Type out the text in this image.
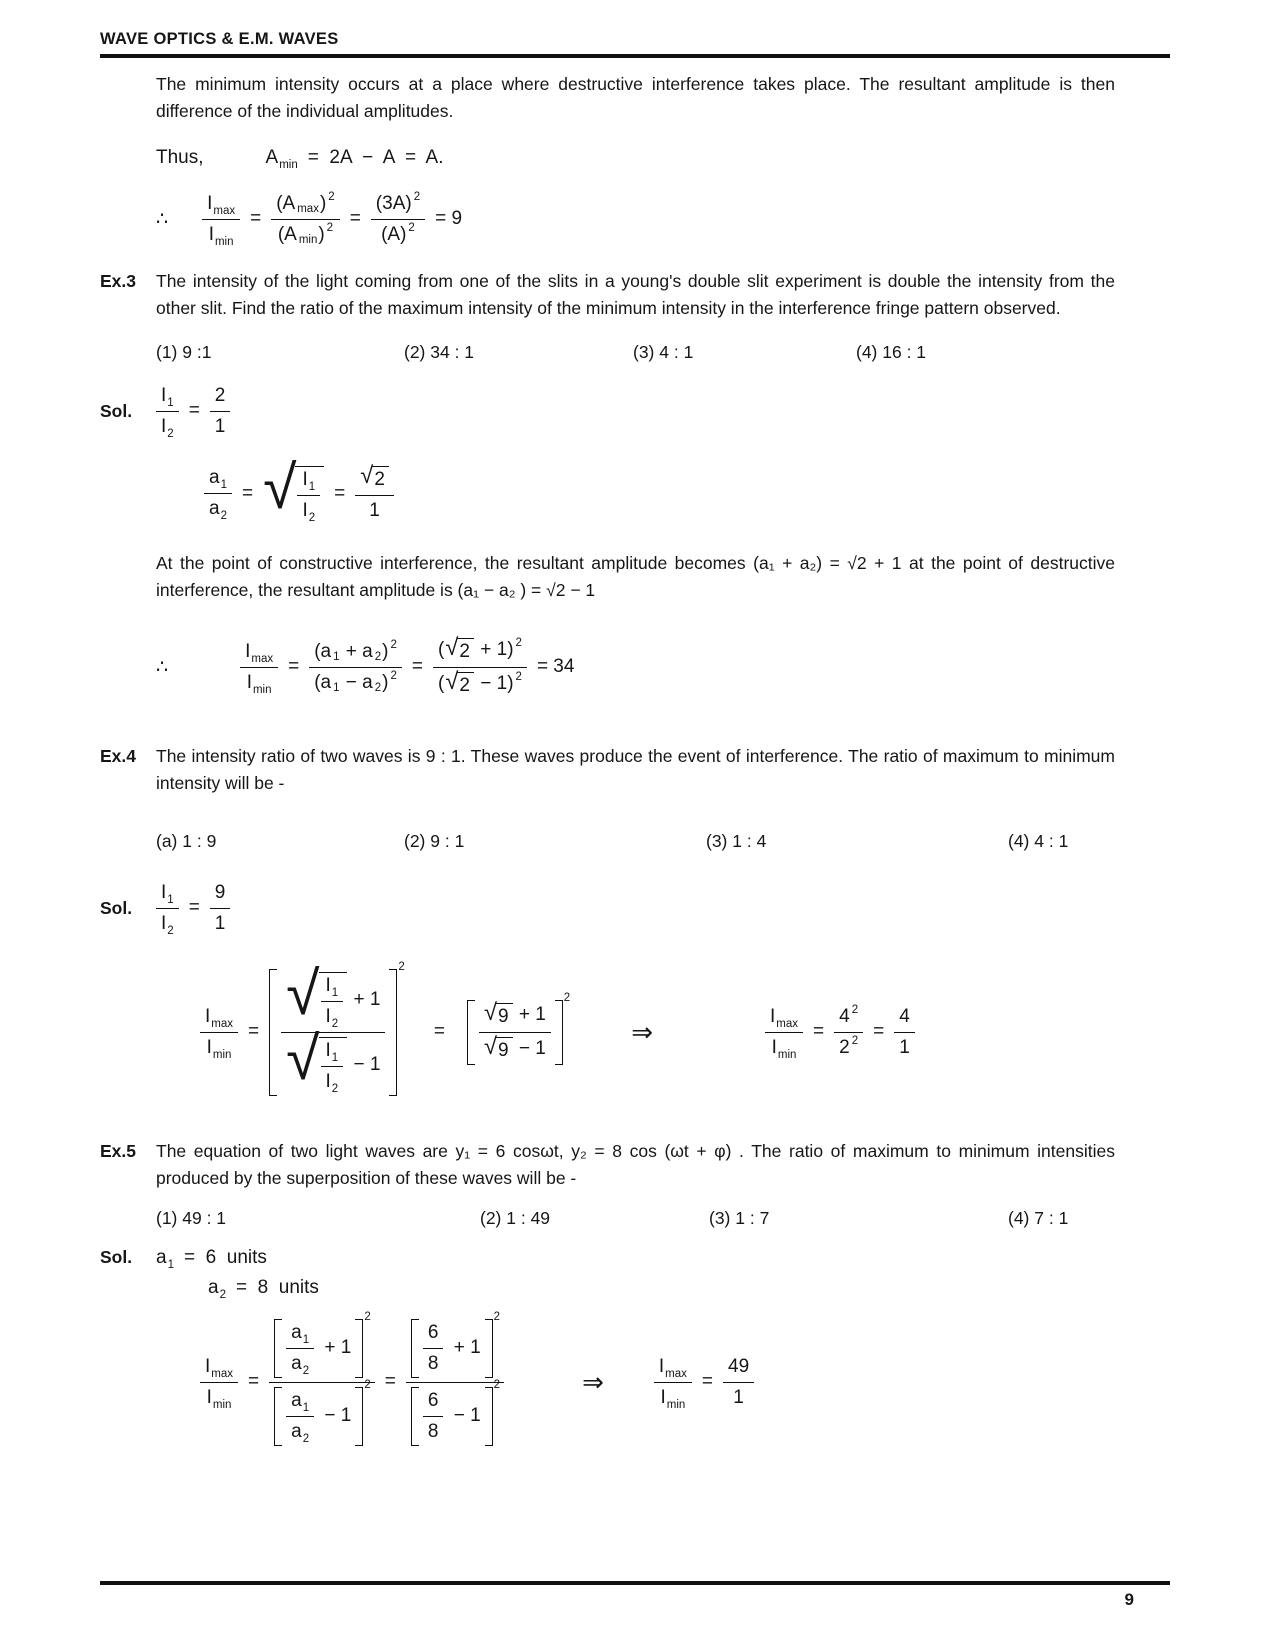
WAVE OPTICS & E.M. WAVES
The minimum intensity occurs at a place where destructive interference takes place. The resultant amplitude is then difference of the individual amplitudes.
Thus,	$A_{min} = 2A - A = A$.
∴ $\frac{I_{max}}{I_{min}} = \frac{\text{(A max ) 2}}{\text{(A min ) 2}} = \frac{(3A) 2}{(A) 2} = 9$
Ex.3	The intensity of the light coming from one of the slits in a young's double slit experiment is double the intensity from the other slit. Find the ratio of the maximum intensity of the minimum intensity in the interference fringe pattern observed.
(1) 9 :1	(2) 34 : 1	(3) 4 : 1	(4) 16 : 1
Sol.	$\frac{I_1}{I_2} = \frac{2}{1}$
$\frac{a_1}{a_2}$ = √ $\frac{I_1}{I_2} = \frac{√ 2}{1}$
At the point of constructive interference, the resultant amplitude becomes (a₁ + a₂) = √2 + 1 at the point of destructive interference, the resultant amplitude is (a₁ − a₂ ) = √2 − 1
∴	$\frac{I_{max}}{I_{min}} = \frac{(a 1 + a 2 ) 2}{(a 1 - a 2 ) 2} = \frac{( √ 2 + 1) 2}{( √ 2 - 1) 2} = 34$
Ex.4	The intensity ratio of two waves is 9 : 1. These waves produce the event of interference. The ratio of maximum to minimum intensity will be -
(a) 1 : 9	(2) 9 : 1	(3) 1 : 4	(4) 4 : 1
Sol.	$\frac{I_1}{I_2} = \frac{9}{1}$
$\frac{I_{max}}{I_{min}} = \frac{√ \frac{I_1}{I_2} + 1}{√ \frac{I_1}{I_2} - 1}$
2
= $\frac{√ 9 + 1}{√ 9 - 1}$
2
⇒	$\frac{I_{max}}{I_{min}} = \frac{4 2}{2 2} = \frac{4}{1}$
Ex.5	The equation of two light waves are y₁ = 6 cosωt, y₂ = 8 cos (ωt + φ) . The ratio of maximum to minimum intensities produced by the superposition of these waves will be -
(1) 49 : 1	(2) 1 : 49	(3) 1 : 7	(4) 7 : 1
Sol.	$a_1 = 6$  units
$a_2 = 8$  units
$\frac{I_{max}}{I_{min}} = \frac{a_1}{a_2} + 1$
2
$\frac{a_1}{a_2} - 1$
$2 = \frac{6}{8} + 1$
2
$\frac{6}{8} - 1$
2	⇒	$\frac{I_{max}}{I_{min}} = \frac{49}{1}$
9
